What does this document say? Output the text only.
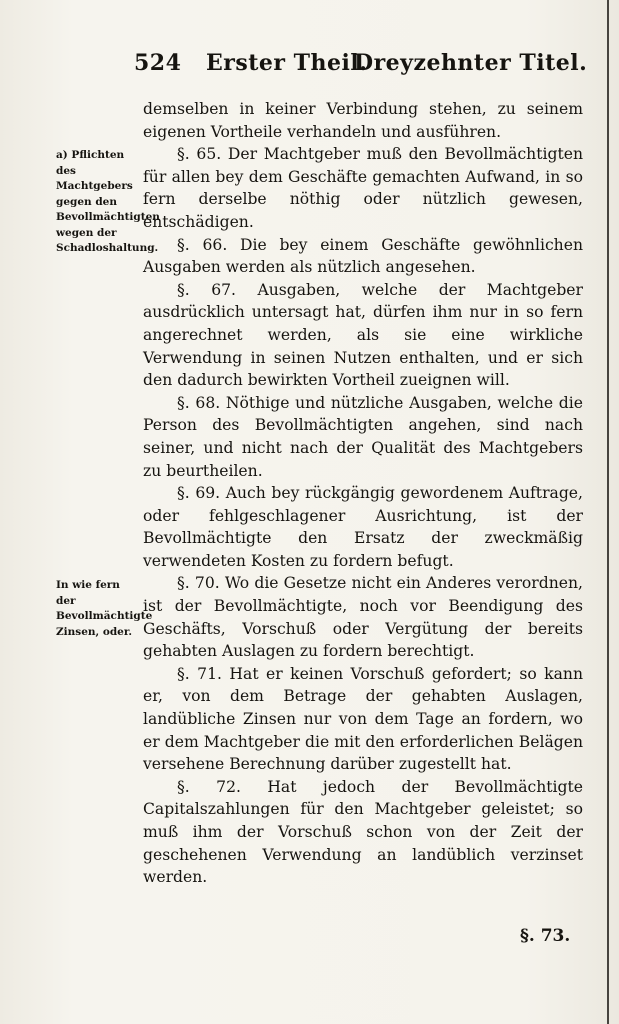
524 Erster Theil.
Dreyzehnter Titel.
a) Pflichten des Machtgebers gegen den Bevollmächtigten wegen der Schadloshaltung.
In wie fern der Bevollmächtigte Zinsen, oder.

demselben in keiner Verbindung stehen, zu seinem eigenen Vortheile verhandeln und ausführen.

§. 65. Der Machtgeber muß den Bevollmächtigten für allen bey dem Geschäfte gemachten Aufwand, in so fern derselbe nöthig oder nützlich gewesen, entschädigen.

§. 66. Die bey einem Geschäfte gewöhnlichen Ausgaben werden als nützlich angesehen.

§. 67. Ausgaben, welche der Machtgeber ausdrücklich untersagt hat, dürfen ihm nur in so fern angerechnet werden, als sie eine wirkliche Verwendung in seinen Nutzen enthalten, und er sich den dadurch bewirkten Vortheil zueignen will.

§. 68. Nöthige und nützliche Ausgaben, welche die Person des Bevollmächtigten angehen, sind nach seiner, und nicht nach der Qualität des Machtgebers zu beurtheilen.

§. 69. Auch bey rückgängig gewordenem Auftrage, oder fehlgeschlagener Ausrichtung, ist der Bevollmächtigte den Ersatz der zweckmäßig verwendeten Kosten zu fordern befugt.

§. 70. Wo die Gesetze nicht ein Anderes verordnen, ist der Bevollmächtigte, noch vor Beendigung des Geschäfts, Vorschuß oder Vergütung der bereits gehabten Auslagen zu fordern berechtigt.

§. 71. Hat er keinen Vorschuß gefordert; so kann er, von dem Betrage der gehabten Auslagen, landübliche Zinsen nur von dem Tage an fordern, wo er dem Machtgeber die mit den erforderlichen Belägen versehene Berechnung darüber zugestellt hat.

§. 72. Hat jedoch der Bevollmächtigte Capitalszahlungen für den Machtgeber geleistet; so muß ihm der Vorschuß schon von der Zeit der geschehenen Verwendung an landüblich verzinset werden.

§. 73.
